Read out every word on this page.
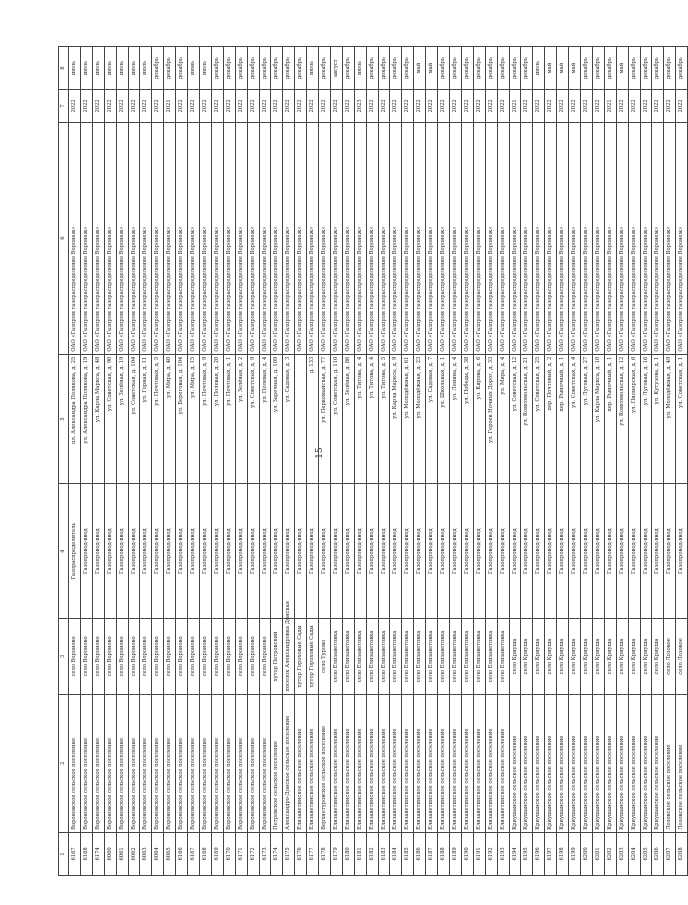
15
1	2	3	4	5	6	7	8
6167	Вороновское сельское поселение	село Вороново	Газораспределитель	пл. Александра Полякова, д. 25	ОАО «Газпром газораспределение Воронеж»	2022	июль
6168	Вороновское сельское поселение	село Вороново	Газопровод-ввод	ул. Александра Полякова, д. 19	ОАО «Газпром газораспределение Воронеж»	2022	июль
6174	Вороновское сельское поселение	село Вороново	Газопровод-ввод	ул. Карла Маркса, д. 48	ОАО «Газпром газораспределение Воронеж»	2022	июль
6060	Вороновское сельское поселение	село Вороново	Газопровод-ввод	ул. Советская, д. 90	ОАО «Газпром газораспределение Воронеж»	2022	июль
6061	Вороновское сельское поселение	село Вороново	Газопровод-ввод	ул. Зелёная, д. 19	ОАО «Газпром газораспределение Воронеж»	2022	июль
6062	Вороновское сельское поселение	село Вороново	Газопровод-ввод	ул. Советская, д. 104	ОАО «Газпром газораспределение Воронеж»	2022	июль
6063	Вороновское сельское поселение	село Вороново	Газопровод-ввод	ул. Горная, д. 11	ОАО «Газпром газораспределение Воронеж»	2022	июль
6064	Вороновское сельское поселение	село Вороново	Газопровод-ввод	ул. Почтовая, д. 5	ОАО «Газпром газораспределение Воронеж»	2022	декабрь
6065	Вороновское сельское поселение	село Вороново	Газопровод-ввод	ул. Мира, д. 40	ОАО «Газпром газораспределение Воронеж»	2021	декабрь
6166	Вороновское сельское поселение	село Вороново	Газопровод-ввод	ул. Береговая, д. 104	ОАО «Газпром газораспределение Воронеж»	2022	декабрь
6167	Вороновское сельское поселение	село Вороново	Газопровод-ввод	ул. Мира, д. 15	ОАО «Газпром газораспределение Воронеж»	2022	июнь
6168	Вороновское сельское поселение	село Вороново	Газопровод-ввод	ул. Почтовая, д. 9	ОАО «Газпром газораспределение Воронеж»	2022	июль
6169	Вороновское сельское поселение	село Вороново	Газопровод-ввод	ул. Полевая, д. 20	ОАО «Газпром газораспределение Воронеж»	2022	декабрь
6170	Вороновское сельское поселение	село Вороново	Газопровод-ввод	ул. Почтовая, д. 1	ОАО «Газпром газораспределение Воронеж»	2022	декабрь
6171	Вороновское сельское поселение	село Вороново	Газопровод-ввод	ул. Зелёная, д. 2	ОАО «Газпром газораспределение Воронеж»	2022	декабрь
6172	Вороновское сельское поселение	село Вороново	Газопровод-ввод	ул. Советская, д. 9	ОАО «Газпром газораспределение Воронеж»	2022	декабрь
6173	Вороновское сельское поселение	село Вороново	Газопровод-ввод	ул. Полевая, д. 4	ОАО «Газпром газораспределение Воронеж»	2022	декабрь
6174	Петровское сельское поселение	хутор Петровский	Газопровод-ввод	ул. Заречная, д. 109	ОАО «Газпром газораспределение Воронеж»	2022	декабрь
6175	Александро-Донское сельское поселение	поселок Александровка Донская	Газопровод-ввод	ул. Садовая, д. 3	ОАО «Газпром газораспределение Воронеж»	2022	декабрь
6176	Елизаветинское сельское поселение	хутор Гороховые Сады	Газопровод-ввод		ОАО «Газпром газораспределение Воронеж»	2022	декабрь
6177	Елизаветинское сельское поселение	хутор Гороховые Сады	Газопровод-ввод	д. 133	ОАО «Газпром газораспределение Воронеж»	2022	июль
6178	Верхнетуровское сельское поселение	село Турово	Газопровод-ввод	ул. Первомайская, д. 77	ОАО «Газпром газораспределение Воронеж»	2022	декабрь
6179	Елизаветинское сельское поселение	село Елизаветовка	Газопровод-ввод	ул. Советская, д. 110	ОАО «Газпром газораспределение Воронеж»	2022	август
6180	Елизаветинское сельское поселение	село Елизаветовка	Газопровод-ввод	ул. Зелёная, д. 86	ОАО «Газпром газораспределение Воронеж»	2022	декабрь
6181	Елизаветинское сельское поселение	село Елизаветовка	Газопровод-ввод	ул. Титова, д. 4	ОАО «Газпром газораспределение Воронеж»	2023	июль
6182	Елизаветинское сельское поселение	село Елизаветовка	Газопровод-ввод	ул. Титова, д. 4	ОАО «Газпром газораспределение Воронеж»	2022	декабрь
6183	Елизаветинское сельское поселение	село Елизаветовка	Газопровод-ввод	ул. Титова, д. 5	ОАО «Газпром газораспределение Воронеж»	2022	декабрь
6184	Елизаветинское сельское поселение	село Елизаветовка	Газопровод-ввод	ул. Карла Маркса, д. 9	ОАО «Газпром газораспределение Воронеж»	2022	декабрь
6185	Елизаветинское сельское поселение	село Елизаветовка	Газопровод-ввод	ул. Молодёжная, д. 61	ОАО «Газпром газораспределение Воронеж»	2022	декабрь
6186	Елизаветинское сельское поселение	село Елизаветовка	Газопровод-ввод	ул. Молодёжная, д. 23	ОАО «Газпром газораспределение Воронеж»	2022	май
6187	Елизаветинское сельское поселение	село Елизаветовка	Газопровод-ввод	ул. Садовая, д. 7	ОАО «Газпром газораспределение Воронеж»	2022	май
6188	Елизаветинское сельское поселение	село Елизаветовка	Газопровод-ввод	ул. Школьная, д. 1	ОАО «Газпром газораспределение Воронеж»	2022	декабрь
6189	Елизаветинское сельское поселение	село Елизаветовка	Газопровод-ввод	ул. Ленина, д. 4	ОАО «Газпром газораспределение Воронеж»	2022	декабрь
6190	Елизаветинское сельское поселение	село Елизаветовка	Газопровод-ввод	ул. Победы, д. 38	ОАО «Газпром газораспределение Воронеж»	2022	декабрь
6191	Елизаветинское сельское поселение	село Елизаветовка	Газопровод-ввод	ул. Кирова, д. 6	ОАО «Газпром газораспределение Воронеж»	2022	декабрь
6192	Елизаветинское сельское поселение	село Елизаветовка	Газопровод-ввод	ул. Героев Ночных Дорог, д. 33	ОАО «Газпром газораспределение Воронеж»	2022	декабрь
6193	Елизаветинское сельское поселение	село Елизаветовка	Газопровод-ввод	ул. Мира, д. 4	ОАО «Газпром газораспределение Воронеж»	2022	декабрь
6194	Криушанское сельское поселение	село Криуша	Газопровод-ввод	ул. Советская, д. 12	ОАО «Газпром газораспределение Воронеж»	2021	декабрь
6195	Криушанское сельское поселение	село Криуша	Газопровод-ввод	ул. Комсомольская, д. 21	ОАО «Газпром газораспределение Воронеж»	2022	декабрь
6196	Криушанское сельское поселение	село Криуша	Газопровод-ввод	ул. Советская, д. 25	ОАО «Газпром газораспределение Воронеж»	2022	июль
6197	Криушанское сельское поселение	село Криуша	Газопровод-ввод	пер. Почтовый, д. 2	ОАО «Газпром газораспределение Воронеж»	2022	май
6198	Криушанское сельское поселение	село Криуша	Газопровод-ввод	пер. Рыночный, д. 1	ОАО «Газпром газораспределение Воронеж»	2022	май
6199	Криушанское сельское поселение	село Криуша	Газопровод-ввод	ул. Советская, д. 4	ОАО «Газпром газораспределение Воронеж»	2022	май
6200	Криушанское сельское поселение	село Криуша	Газопровод-ввод	ул. Луговая, д. 27	ОАО «Газпром газораспределение Воронеж»	2022	декабрь
6201	Криушанское сельское поселение	село Криуша	Газопровод-ввод	ул. Карла Маркса, д. 10	ОАО «Газпром газораспределение Воронеж»	2022	декабрь
6202	Криушанское сельское поселение	село Криуша	Газопровод-ввод	пер. Рыночный, д. 1	ОАО «Газпром газораспределение Воронеж»	2021	декабрь
6203	Криушанское сельское поселение	село Криуша	Газопровод-ввод	ул. Комсомольская, д. 12	ОАО «Газпром газораспределение Воронеж»	2022	май
6204	Криушанское сельское поселение	село Криуша	Газопровод-ввод	ул. Пионерская, д. 6	ОАО «Газпром газораспределение Воронеж»	2022	декабрь
6205	Криушанское сельское поселение	село Криуша	Газопровод-ввод	ул. Луговая, д. 16	ОАО «Газпром газораспределение Воронеж»	2022	декабрь
6206	Криушанское сельское поселение	село Криуша	Газопровод-ввод	ул. Кутузова, д. 1	ОАО «Газпром газораспределение Воронеж»	2022	декабрь
6207	Лозовское сельское поселение	село Лозовое	Газопровод-ввод	ул. Молодёжная, д. 49	ОАО «Газпром газораспределение Воронеж»	2022	декабрь
6208	Лозовское сельское поселение	село Лозовое	Газопровод-ввод	ул. Советская, д. 1	ОАО «Газпром газораспределение Воронеж»	2022	декабрь
